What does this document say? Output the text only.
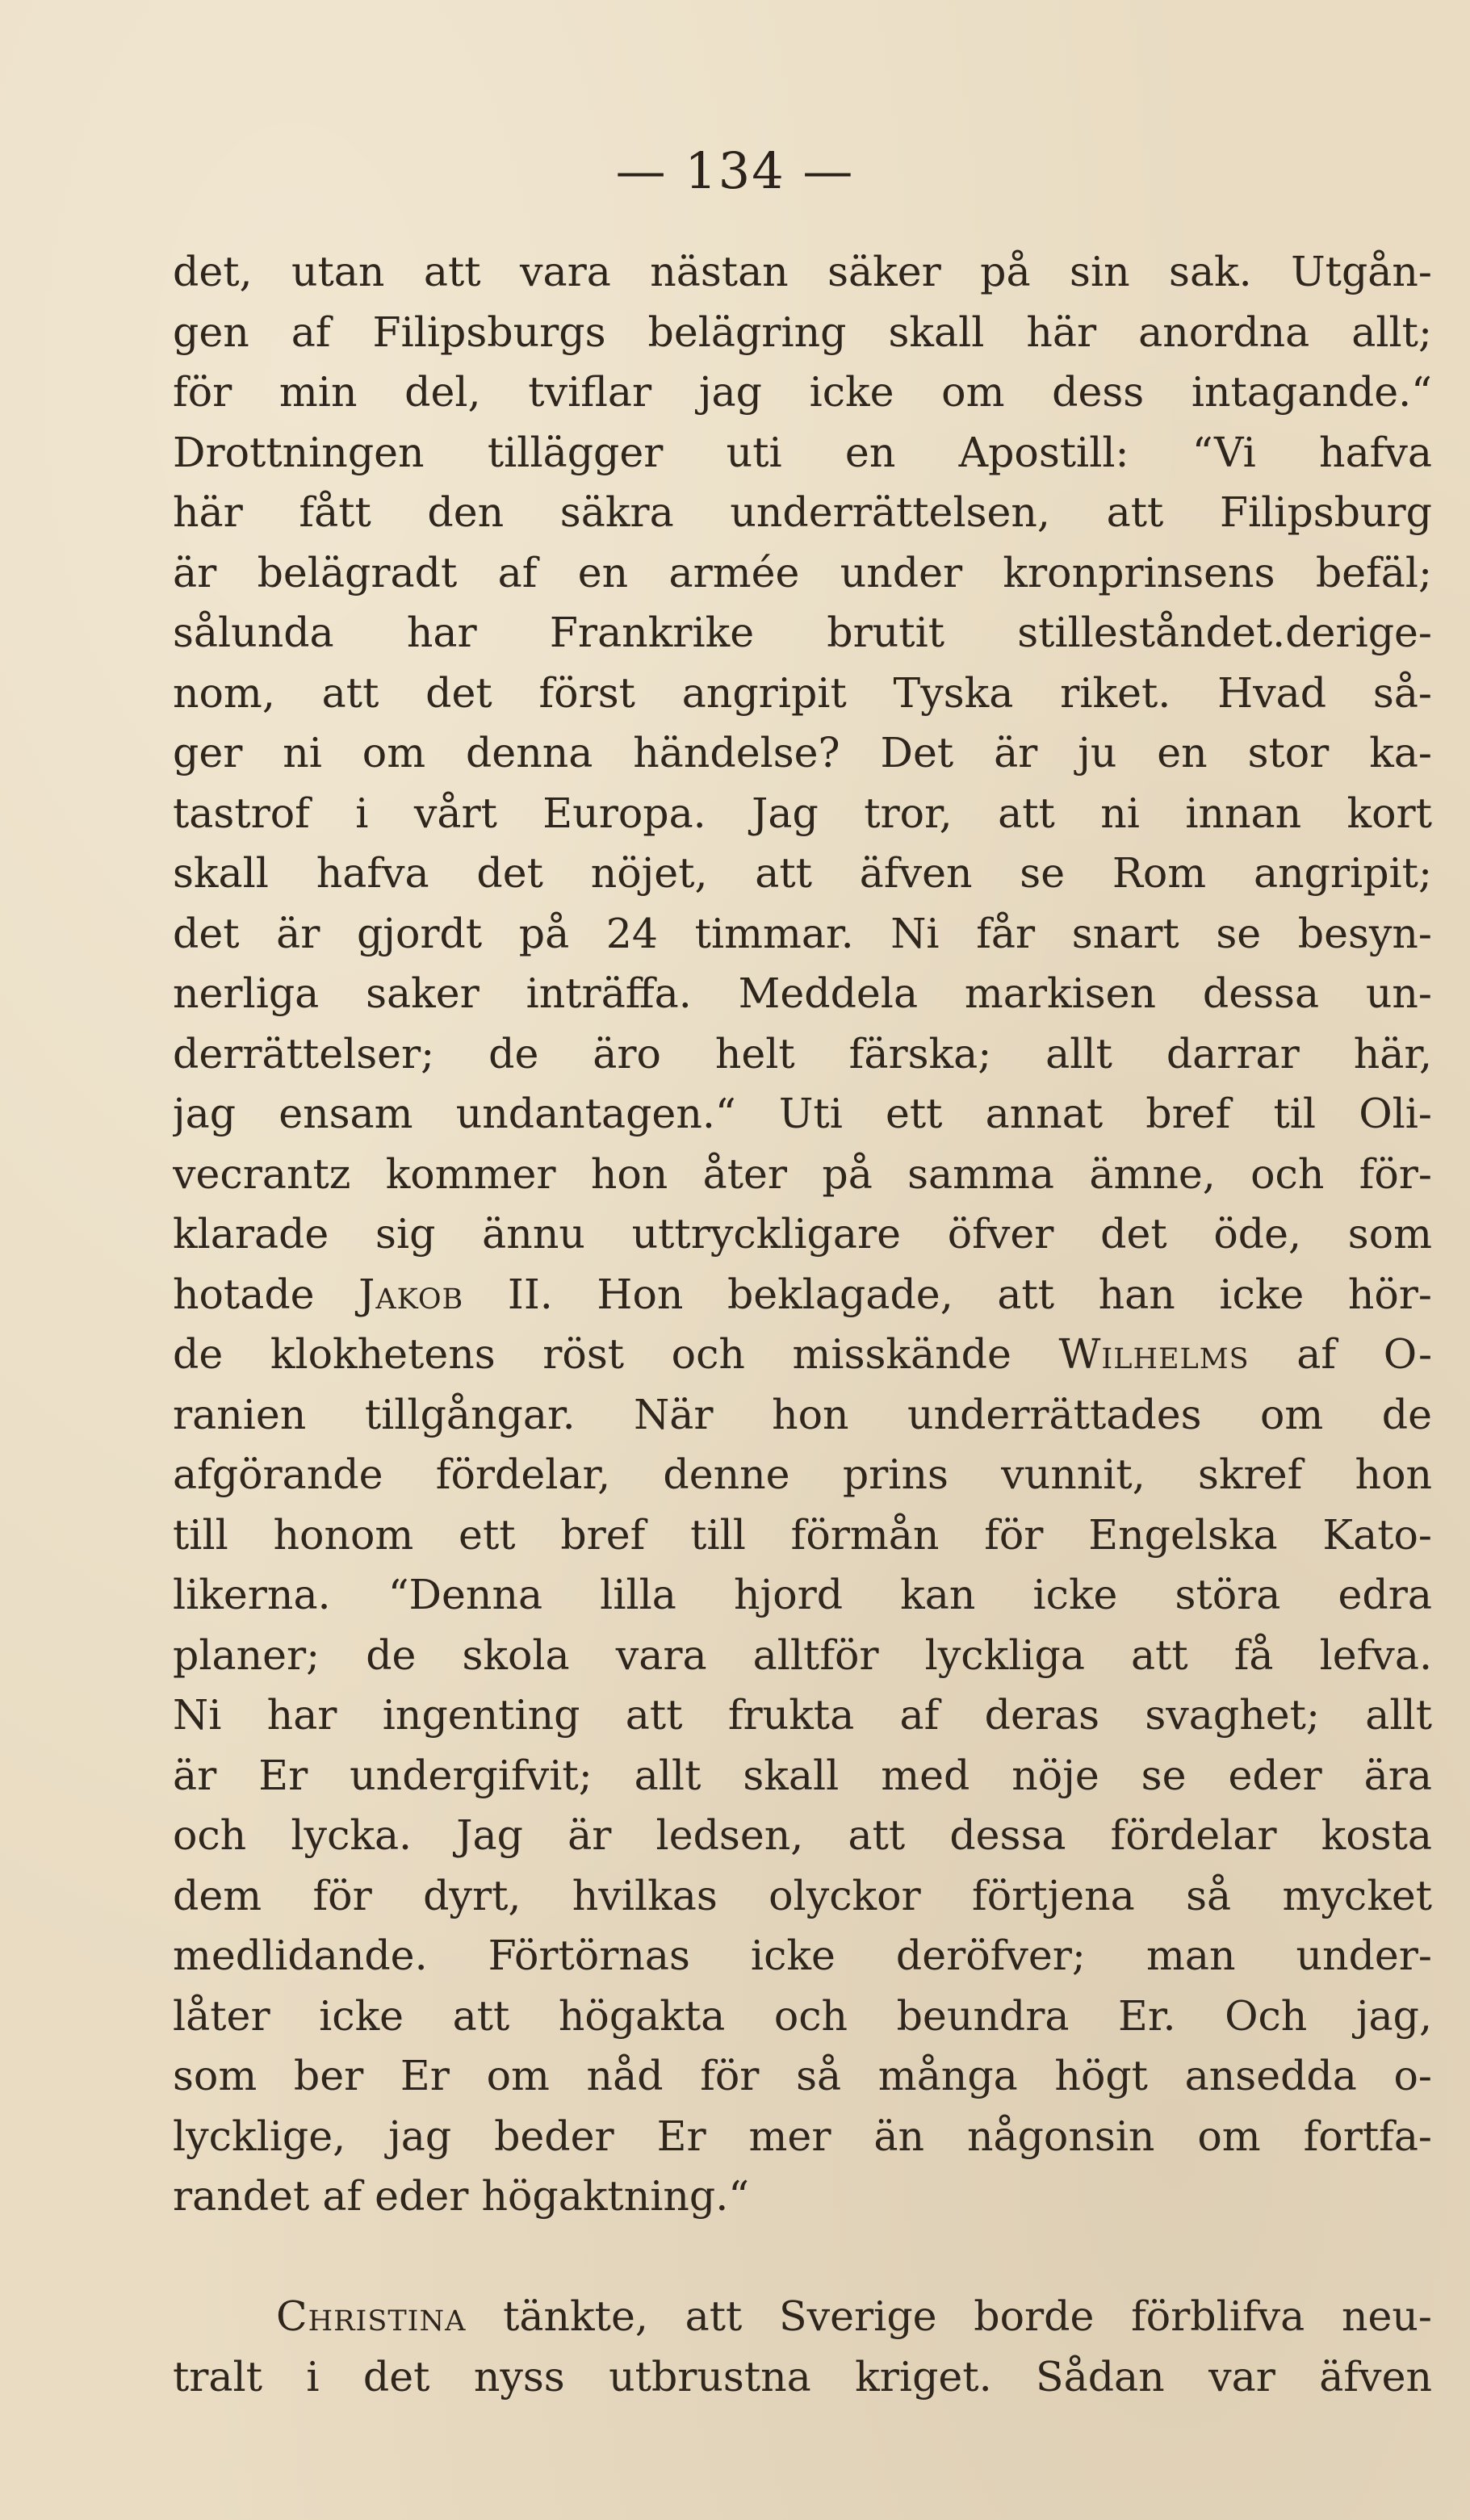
— 134 —
det, utan att vara nästan säker på sin sak. Utgån-
gen af Filipsburgs belägring skall här anordna allt;
för min del, tviflar jag icke om dess intagande.“
Drottningen tillägger uti en Apostill: “Vi hafva
här fått den säkra underrättelsen, att Filipsburg
är belägradt af en armée under kronprinsens befäl;
sålunda har Frankrike brutit stilleståndet.derige-
nom, att det först angripit Tyska riket. Hvad så-
ger ni om denna händelse? Det är ju en stor ka-
tastrof i vårt Europa. Jag tror, att ni innan kort
skall hafva det nöjet, att äfven se Rom angripit;
det är gjordt på 24 timmar. Ni får snart se besyn-
nerliga saker inträffa. Meddela markisen dessa un-
derrättelser; de äro helt färska; allt darrar här,
jag ensam undantagen.“ Uti ett annat bref til Oli-
vecrantz kommer hon åter på samma ämne, och för-
klarade sig ännu uttryckligare öfver det öde, som
hotade Jakob II. Hon beklagade, att han icke hör-
de klokhetens röst och misskände Wilhelms af O-
ranien tillgångar. När hon underrättades om de
afgörande fördelar, denne prins vunnit, skref hon
till honom ett bref till förmån för Engelska Kato-
likerna. “Denna lilla hjord kan icke störa edra
planer; de skola vara alltför lyckliga att få lefva.
Ni har ingenting att frukta af deras svaghet; allt
är Er undergifvit; allt skall med nöje se eder ära
och lycka. Jag är ledsen, att dessa fördelar kosta
dem för dyrt, hvilkas olyckor förtjena så mycket
medlidande. Förtörnas icke deröfver; man under-
låter icke att högakta och beundra Er. Och jag,
som ber Er om nåd för så många högt ansedda o-
lycklige, jag beder Er mer än någonsin om fortfa-
randet af eder högaktning.“
Christina tänkte, att Sverige borde förblifva neu-
tralt i det nyss utbrustna kriget. Sådan var äfven
